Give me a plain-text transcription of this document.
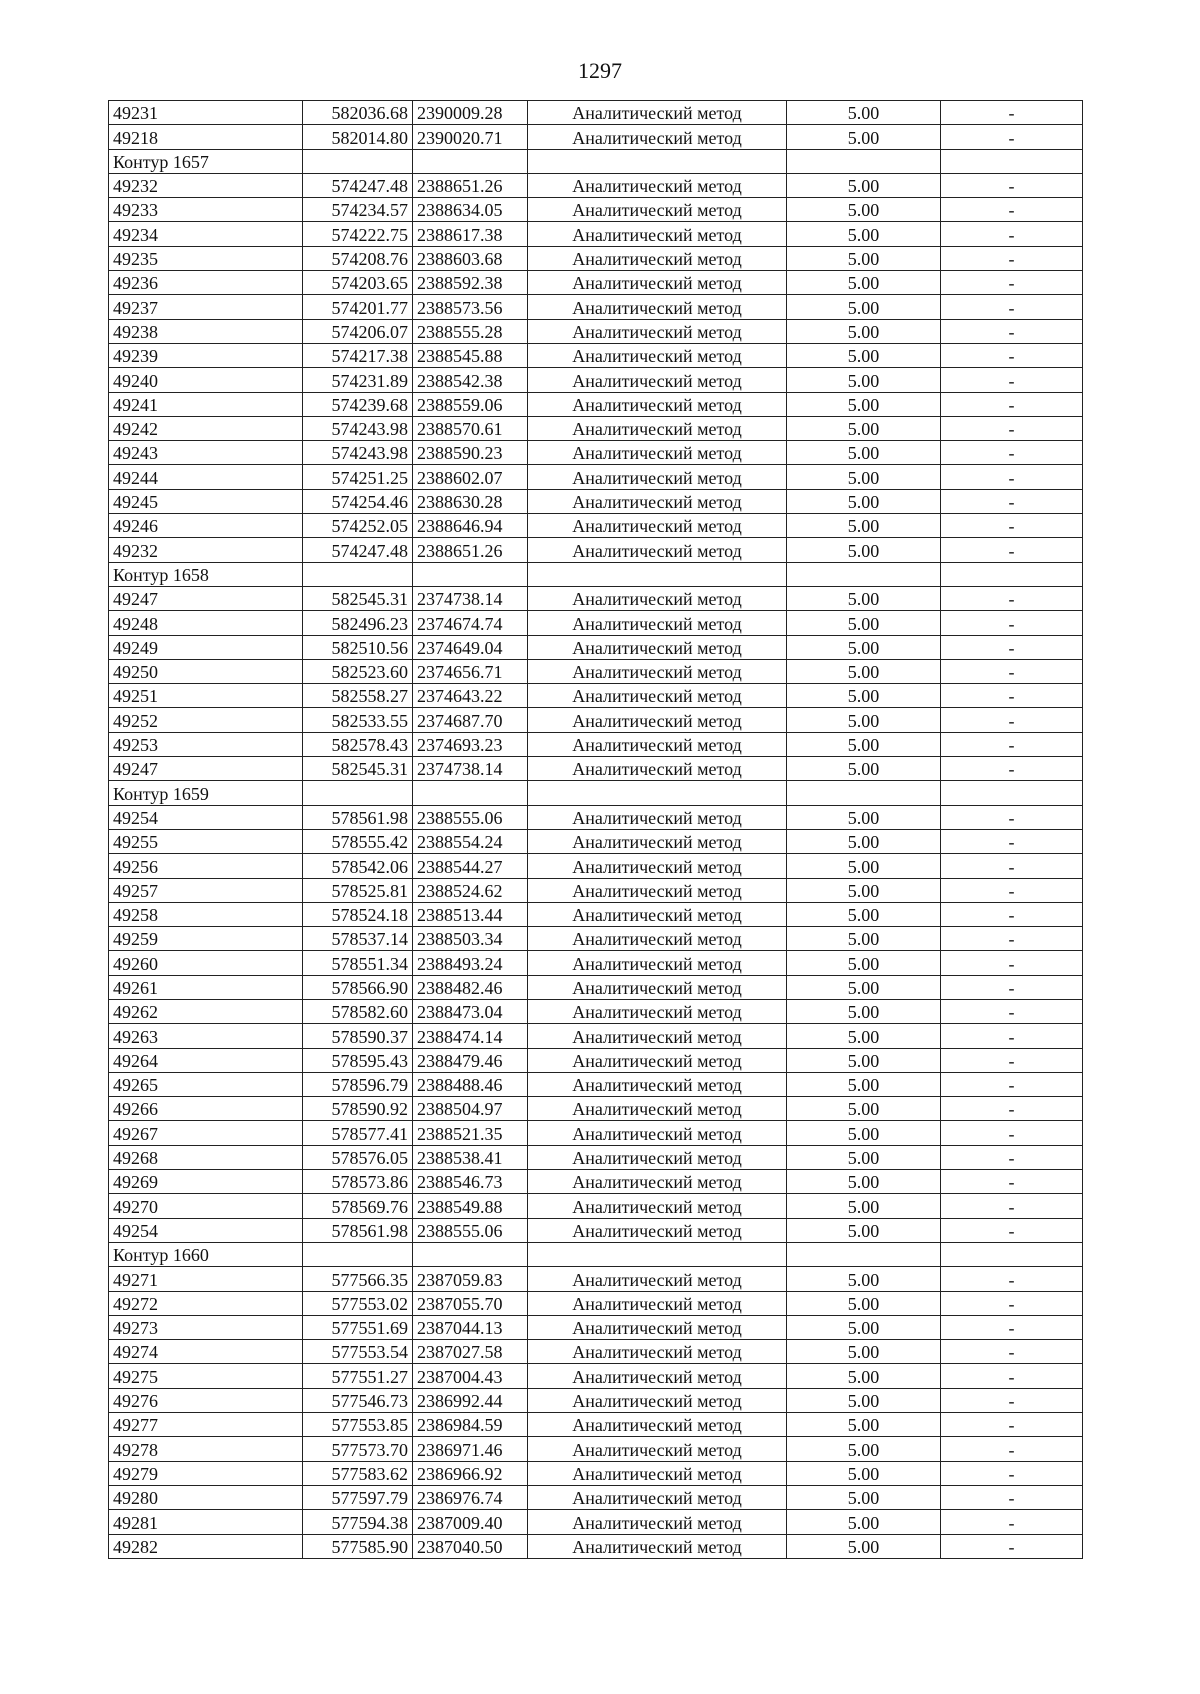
1297
49231	582036.68	2390009.28	Аналитический метод	5.00	-
49218	582014.80	2390020.71	Аналитический метод	5.00	-
Контур 1657					
49232	574247.48	2388651.26	Аналитический метод	5.00	-
49233	574234.57	2388634.05	Аналитический метод	5.00	-
49234	574222.75	2388617.38	Аналитический метод	5.00	-
49235	574208.76	2388603.68	Аналитический метод	5.00	-
49236	574203.65	2388592.38	Аналитический метод	5.00	-
49237	574201.77	2388573.56	Аналитический метод	5.00	-
49238	574206.07	2388555.28	Аналитический метод	5.00	-
49239	574217.38	2388545.88	Аналитический метод	5.00	-
49240	574231.89	2388542.38	Аналитический метод	5.00	-
49241	574239.68	2388559.06	Аналитический метод	5.00	-
49242	574243.98	2388570.61	Аналитический метод	5.00	-
49243	574243.98	2388590.23	Аналитический метод	5.00	-
49244	574251.25	2388602.07	Аналитический метод	5.00	-
49245	574254.46	2388630.28	Аналитический метод	5.00	-
49246	574252.05	2388646.94	Аналитический метод	5.00	-
49232	574247.48	2388651.26	Аналитический метод	5.00	-
Контур 1658					
49247	582545.31	2374738.14	Аналитический метод	5.00	-
49248	582496.23	2374674.74	Аналитический метод	5.00	-
49249	582510.56	2374649.04	Аналитический метод	5.00	-
49250	582523.60	2374656.71	Аналитический метод	5.00	-
49251	582558.27	2374643.22	Аналитический метод	5.00	-
49252	582533.55	2374687.70	Аналитический метод	5.00	-
49253	582578.43	2374693.23	Аналитический метод	5.00	-
49247	582545.31	2374738.14	Аналитический метод	5.00	-
Контур 1659					
49254	578561.98	2388555.06	Аналитический метод	5.00	-
49255	578555.42	2388554.24	Аналитический метод	5.00	-
49256	578542.06	2388544.27	Аналитический метод	5.00	-
49257	578525.81	2388524.62	Аналитический метод	5.00	-
49258	578524.18	2388513.44	Аналитический метод	5.00	-
49259	578537.14	2388503.34	Аналитический метод	5.00	-
49260	578551.34	2388493.24	Аналитический метод	5.00	-
49261	578566.90	2388482.46	Аналитический метод	5.00	-
49262	578582.60	2388473.04	Аналитический метод	5.00	-
49263	578590.37	2388474.14	Аналитический метод	5.00	-
49264	578595.43	2388479.46	Аналитический метод	5.00	-
49265	578596.79	2388488.46	Аналитический метод	5.00	-
49266	578590.92	2388504.97	Аналитический метод	5.00	-
49267	578577.41	2388521.35	Аналитический метод	5.00	-
49268	578576.05	2388538.41	Аналитический метод	5.00	-
49269	578573.86	2388546.73	Аналитический метод	5.00	-
49270	578569.76	2388549.88	Аналитический метод	5.00	-
49254	578561.98	2388555.06	Аналитический метод	5.00	-
Контур 1660					
49271	577566.35	2387059.83	Аналитический метод	5.00	-
49272	577553.02	2387055.70	Аналитический метод	5.00	-
49273	577551.69	2387044.13	Аналитический метод	5.00	-
49274	577553.54	2387027.58	Аналитический метод	5.00	-
49275	577551.27	2387004.43	Аналитический метод	5.00	-
49276	577546.73	2386992.44	Аналитический метод	5.00	-
49277	577553.85	2386984.59	Аналитический метод	5.00	-
49278	577573.70	2386971.46	Аналитический метод	5.00	-
49279	577583.62	2386966.92	Аналитический метод	5.00	-
49280	577597.79	2386976.74	Аналитический метод	5.00	-
49281	577594.38	2387009.40	Аналитический метод	5.00	-
49282	577585.90	2387040.50	Аналитический метод	5.00	-
